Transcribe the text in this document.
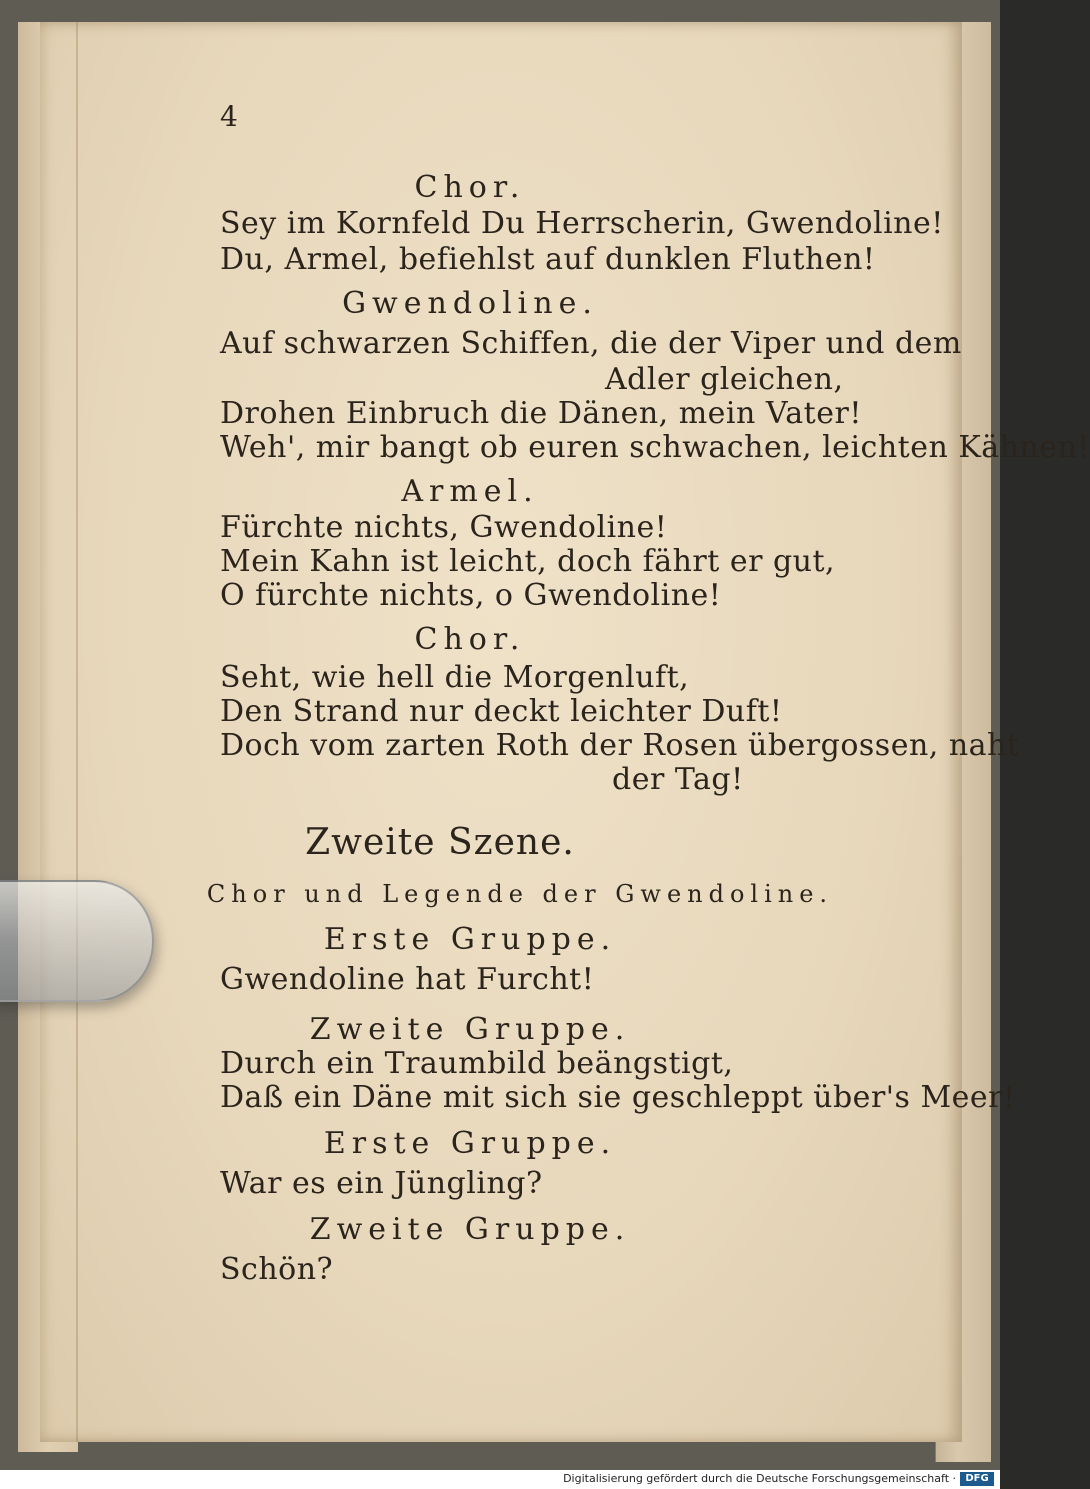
4
Chor.
Sey im Kornfeld Du Herrscherin, Gwendoline!
Du, Armel, befiehlst auf dunklen Fluthen!
Gwendoline.
Auf schwarzen Schiffen, die der Viper und dem
Adler gleichen,
Drohen Einbruch die Dänen, mein Vater!
Weh', mir bangt ob euren schwachen, leichten Kähnen!
Armel.
Fürchte nichts, Gwendoline!
Mein Kahn ist leicht, doch fährt er gut,
O fürchte nichts, o Gwendoline!
Chor.
Seht, wie hell die Morgenluft,
Den Strand nur deckt leichter Duft!
Doch vom zarten Roth der Rosen übergossen, naht
der Tag!
Zweite Szene.
Chor und Legende der Gwendoline.
Erste Gruppe.
Gwendoline hat Furcht!
Zweite Gruppe.
Durch ein Traumbild beängstigt,
Daß ein Däne mit sich sie geschleppt über's Meer!
Erste Gruppe.
War es ein Jüngling?
Zweite Gruppe.
Schön?
Digitalisierung gefördert durch die Deutsche Forschungsgemeinschaft · DFG
